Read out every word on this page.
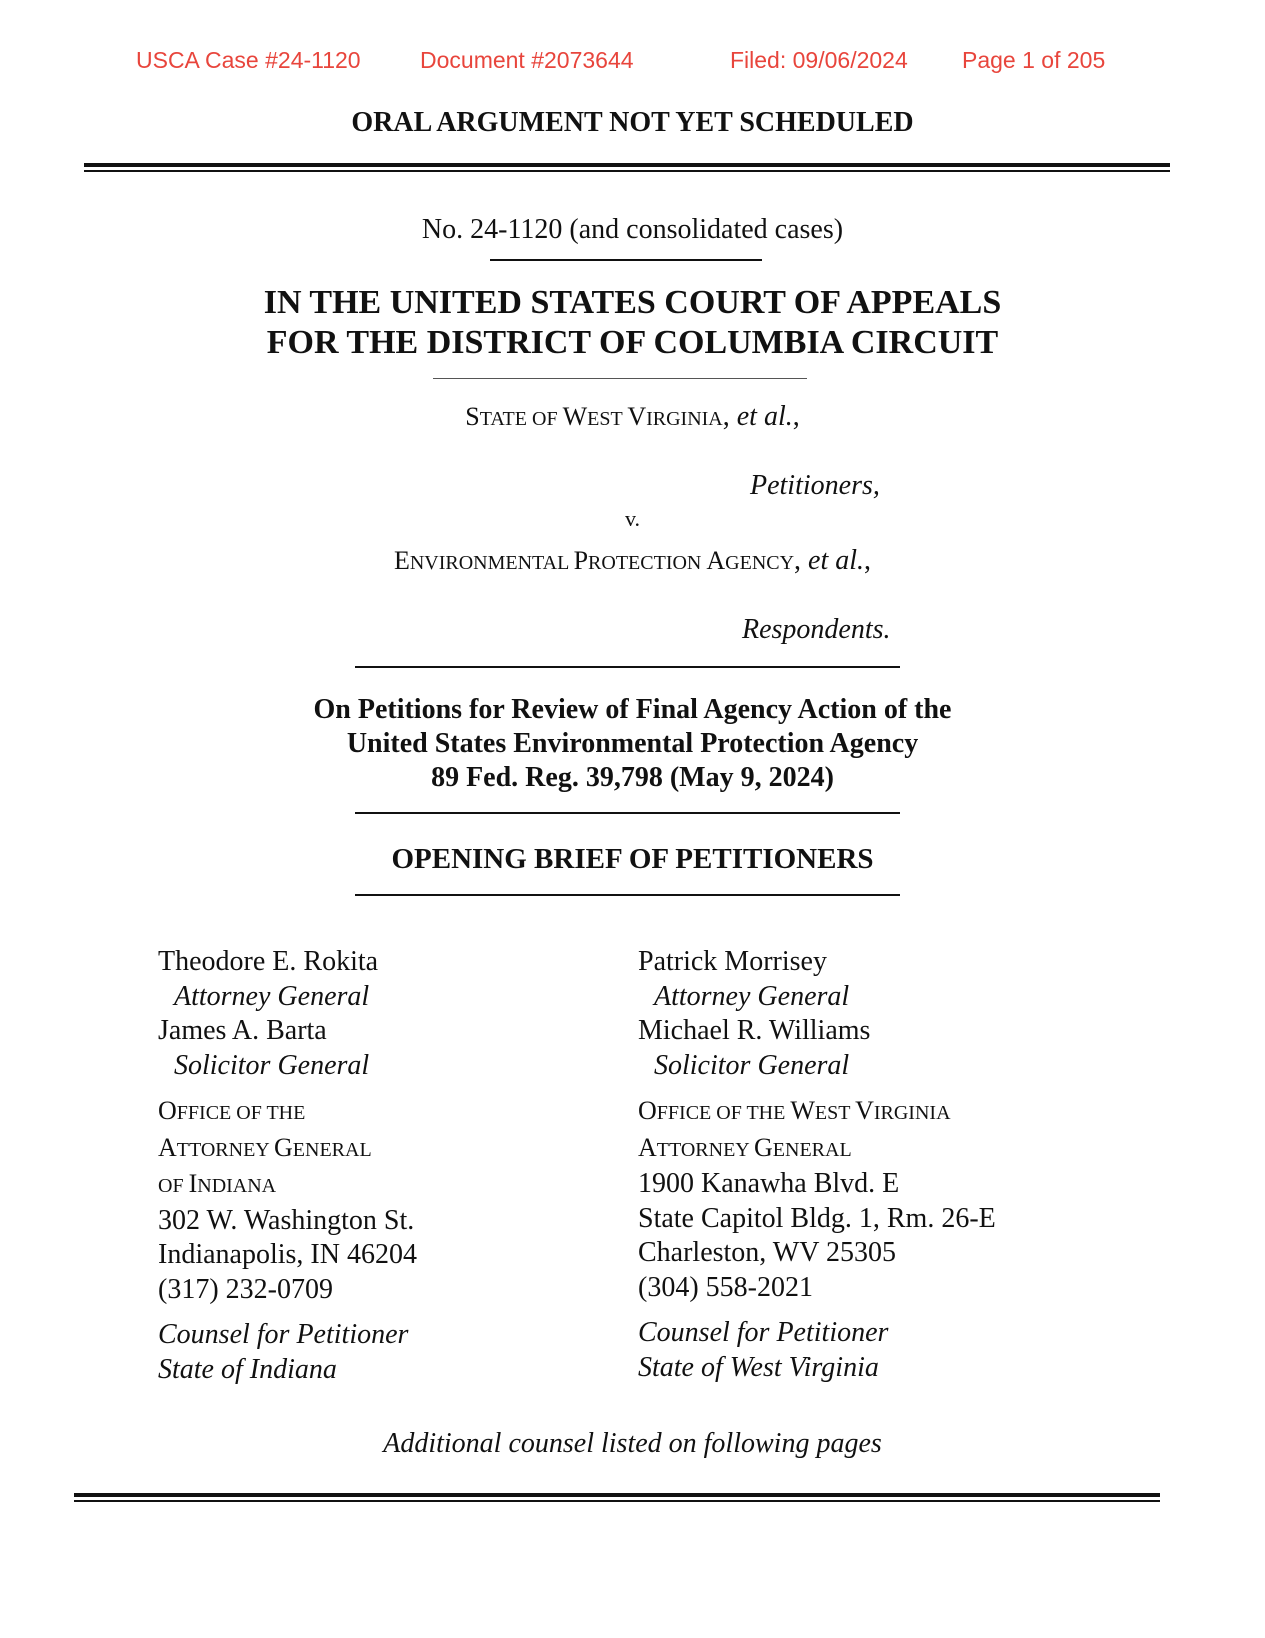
USCA Case #24-1120	Document #2073644	Filed: 09/06/2024 Page 1 of 205
ORAL ARGUMENT NOT YET SCHEDULED
No. 24-1120 (and consolidated cases)
IN THE UNITED STATES COURT OF APPEALS
FOR THE DISTRICT OF COLUMBIA CIRCUIT
STATE OF WEST VIRGINIA, et al.,
Petitioners,
v.
ENVIRONMENTAL PROTECTION AGENCY, et al.,
Respondents.
On Petitions for Review of Final Agency Action of the
United States Environmental Protection Agency
89 Fed. Reg. 39,798 (May 9, 2024)
OPENING BRIEF OF PETITIONERS
Theodore E. Rokita
Attorney General
James A. Barta
Solicitor General
OFFICE OF THE
ATTORNEY GENERAL
OF INDIANA
302 W. Washington St.
Indianapolis, IN 46204
(317) 232-0709
Counsel for Petitioner
State of Indiana
Patrick Morrisey
Attorney General
Michael R. Williams
Solicitor General
OFFICE OF THE WEST VIRGINIA
ATTORNEY GENERAL
1900 Kanawha Blvd. E
State Capitol Bldg. 1, Rm. 26-E
Charleston, WV 25305
(304) 558-2021
Counsel for Petitioner
State of West Virginia
Additional counsel listed on following pages
